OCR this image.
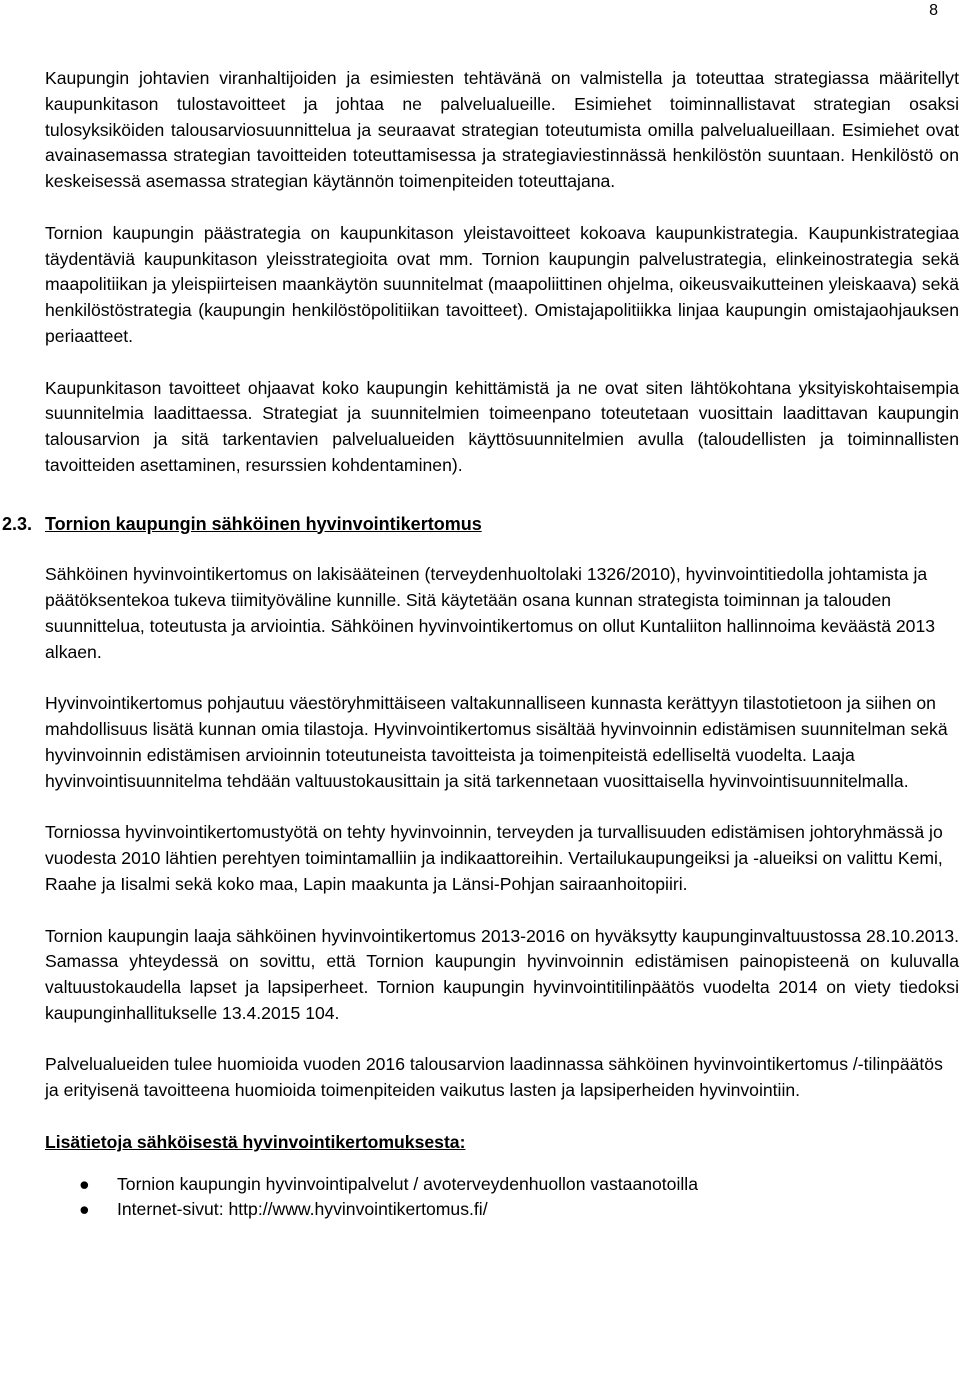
8

Kaupungin johtavien viranhaltijoiden ja esimiesten tehtävänä on valmistella ja toteuttaa strategiassa määritellyt kaupunkitason tulostavoitteet ja johtaa ne palvelualueille. Esimiehet toiminnallistavat strategian osaksi tulosyksiköiden talousarviosuunnittelua ja seuraavat strategian toteutumista omilla palvelualueillaan. Esimiehet ovat avainasemassa strategian tavoitteiden toteuttamisessa ja strategiaviestinnässä henkilöstön suuntaan. Henkilöstö on keskeisessä asemassa strategian käytännön toimenpiteiden toteuttajana.

Tornion kaupungin päästrategia on kaupunkitason yleistavoitteet kokoava kaupunkistrategia. Kaupunkistrategiaa täydentäviä kaupunkitason yleisstrategioita ovat mm. Tornion kaupungin palvelustrategia, elinkeinostrategia sekä maapolitiikan ja yleispiirteisen maankäytön suunnitelmat (maapoliittinen ohjelma, oikeusvaikutteinen yleiskaava) sekä henkilöstöstrategia (kaupungin henkilöstöpolitiikan tavoitteet). Omistajapolitiikka linjaa kaupungin omistajaohjauksen periaatteet.

Kaupunkitason tavoitteet ohjaavat koko kaupungin kehittämistä ja ne ovat siten lähtökohtana yksityiskohtaisempia suunnitelmia laadittaessa. Strategiat ja suunnitelmien toimeenpano toteutetaan vuosittain laadittavan kaupungin talousarvion ja sitä tarkentavien palvelualueiden käyttösuunnitelmien avulla (taloudellisten ja toiminnallisten tavoitteiden asettaminen, resurssien kohdentaminen).

2.3. Tornion kaupungin sähköinen hyvinvointikertomus

Sähköinen hyvinvointikertomus on lakisääteinen (terveydenhuoltolaki 1326/2010), hyvinvointitiedolla johtamista ja päätöksentekoa tukeva tiimityöväline kunnille. Sitä käytetään osana kunnan strategista toiminnan ja talouden suunnittelua, toteutusta ja arviointia. Sähköinen hyvinvointikertomus on ollut Kuntaliiton hallinnoima keväästä 2013 alkaen.

Hyvinvointikertomus pohjautuu väestöryhmittäiseen valtakunnalliseen kunnasta kerättyyn tilastotietoon ja siihen on mahdollisuus lisätä kunnan omia tilastoja. Hyvinvointikertomus sisältää hyvinvoinnin edistämisen suunnitelman sekä hyvinvoinnin edistämisen arvioinnin toteutuneista tavoitteista ja toimenpiteistä edelliseltä vuodelta. Laaja hyvinvointisuunnitelma tehdään valtuustokausittain ja sitä tarkennetaan vuosittaisella hyvinvointisuunnitelmalla.

Torniossa hyvinvointikertomustyötä on tehty hyvinvoinnin, terveyden ja turvallisuuden edistämisen johtoryhmässä jo vuodesta 2010 lähtien perehtyen toimintamalliin ja indikaattoreihin. Vertailukaupungeiksi ja -alueiksi on valittu Kemi, Raahe ja Iisalmi sekä koko maa, Lapin maakunta ja Länsi-Pohjan sairaanhoitopiiri.

Tornion kaupungin laaja sähköinen hyvinvointikertomus 2013-2016 on hyväksytty kaupunginvaltuustossa 28.10.2013. Samassa yhteydessä on sovittu, että Tornion kaupungin hyvinvoinnin edistämisen painopisteenä on kuluvalla valtuustokaudella lapset ja lapsiperheet. Tornion kaupungin hyvinvointitilinpäätös vuodelta 2014 on viety tiedoksi kaupunginhallitukselle 13.4.2015 104.

Palvelualueiden tulee huomioida vuoden 2016 talousarvion laadinnassa sähköinen hyvinvointikertomus /-tilinpäätös ja erityisenä tavoitteena huomioida toimenpiteiden vaikutus lasten ja lapsiperheiden hyvinvointiin.

Lisätietoja sähköisestä hyvinvointikertomuksesta:

● Tornion kaupungin hyvinvointipalvelut / avoterveydenhuollon vastaanotoilla
● Internet-sivut: http://www.hyvinvointikertomus.fi/
